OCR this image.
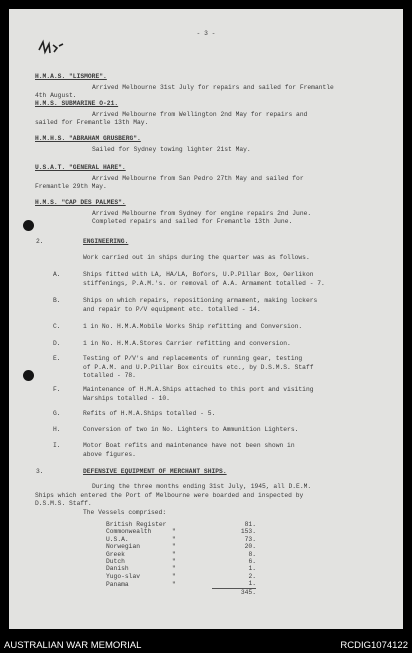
- 3 -

H.M.A.S. "LISMORE".

Arrived Melbourne 31st July for repairs and sailed for Fremantle

4th August.

H.M.S. SUBMARINE O-21.

Arrived Melbourne from Wellington 2nd May for repairs and

sailed for Fremantle 13th May.

H.M.H.S. "ABRAHAM GRUSBERG".

Sailed for Sydney towing lighter 21st May.

U.S.A.T. "GENERAL HARE".

Arrived Melbourne from San Pedro 27th May and sailed for

Fremantle 29th May.

H.M.S. "CAP DES PALMES".

Arrived Melbourne from Sydney for engine repairs 2nd June.

Completed repairs and sailed for Fremantle 13th June.

2.	ENGINEERING.
Work carried out in ships during the quarter was as follows.
A.	Ships fitted with LA, HA/LA, Bofors, U.P.Pillar Box, Oerlikon

stiffenings, P.A.M.'s. or removal of A.A. Armament totalled - 7.

B.	Ships on which repairs, repositioning armament, making lockers

and repair to P/V equipment etc. totalled - 14.

C.	1 in No. H.M.A.Mobile Works Ship refitting and Conversion.
D.	1 in No. H.M.A.Stores Carrier refitting and conversion.
E.	Testing of P/V's and replacements of running gear, testing

of P.A.M. and U.P.Pillar Box circuits etc., by D.S.M.S. Staff

totalled - 78.

F.	Maintenance of H.M.A.Ships attached to this port and visiting

Warships totalled - 10.

G.	Refits of H.M.A.Ships totalled - 5.
H.	Conversion of two in No. Lighters to Ammunition Lighters.
I.	Motor Boat refits and maintenance have not been shown in

above figures.

3.	DEFENSIVE EQUIPMENT OF MERCHANT SHIPS.

During the three months ending 31st July, 1945, all D.E.M.

Ships which entered the Port of Melbourne were boarded and inspected by

D.S.M.S. Staff.

The Vessels comprised:
British Register		81.
Commonwealth	"	153.
U.S.A.	"	73.
Norwegian	"	20.
Greek	"	8.
Dutch	"	6.
Danish	"	1.
Yugo-slav	"	2.
Panama	"	1.
		345.
AUSTRALIAN WAR MEMORIAL	RCDIG1074122
